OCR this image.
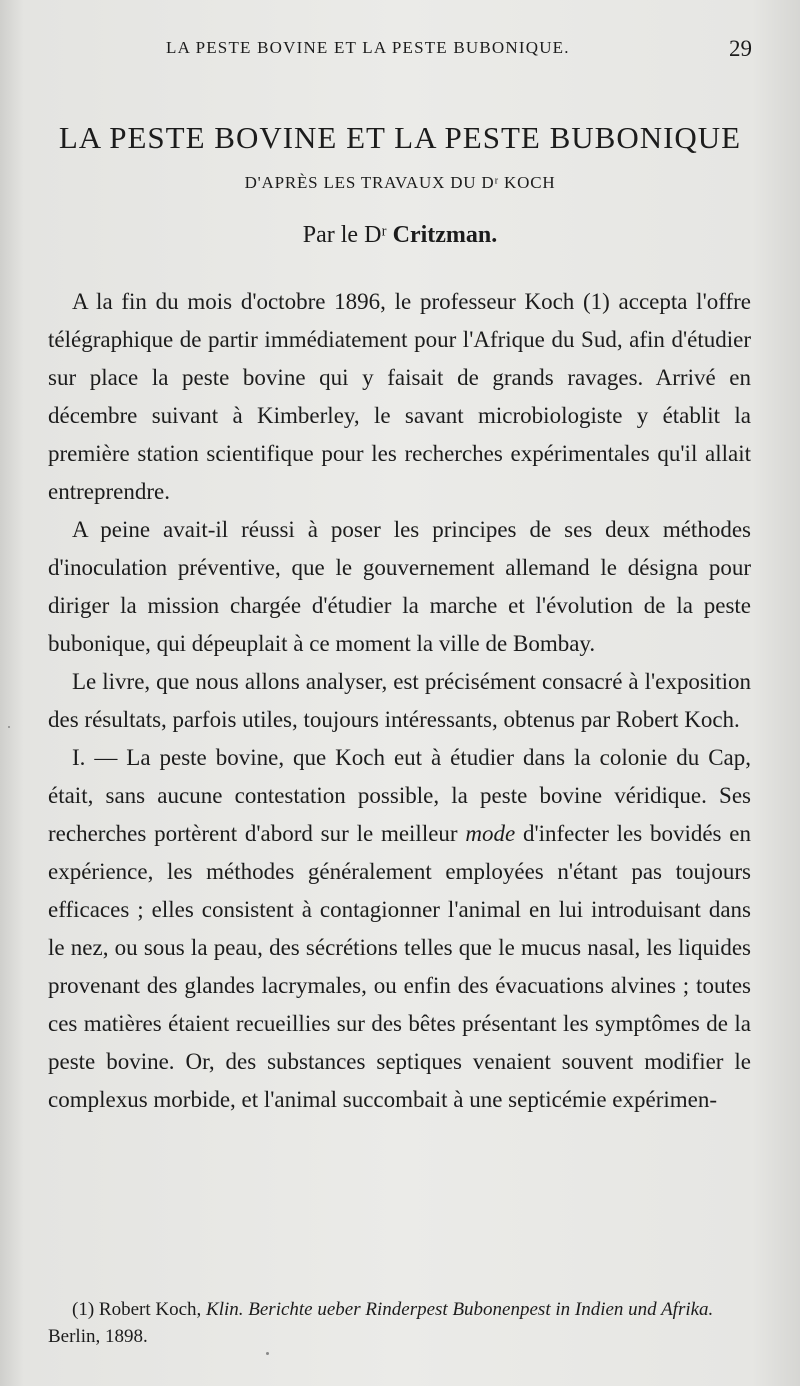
LA PESTE BOVINE ET LA PESTE BUBONIQUE.	29
LA PESTE BOVINE ET LA PESTE BUBONIQUE
D'APRÈS LES TRAVAUX DU Dʳ KOCH
Par le Dʳ Critzman.

A la fin du mois d'octobre 1896, le professeur Koch (1) accepta l'offre télégraphique de partir immédiatement pour l'Afrique du Sud, afin d'étudier sur place la peste bovine qui y faisait de grands ravages. Arrivé en décembre suivant à Kimberley, le savant microbiologiste y établit la première station scientifique pour les recherches expérimentales qu'il allait entreprendre.

A peine avait-il réussi à poser les principes de ses deux méthodes d'inoculation préventive, que le gouvernement allemand le désigna pour diriger la mission chargée d'étudier la marche et l'évolution de la peste bubonique, qui dépeuplait à ce moment la ville de Bombay.

Le livre, que nous allons analyser, est précisément consacré à l'exposition des résultats, parfois utiles, toujours intéressants, obtenus par Robert Koch.

I. — La peste bovine, que Koch eut à étudier dans la colonie du Cap, était, sans aucune contestation possible, la peste bovine véridique. Ses recherches portèrent d'abord sur le meilleur mode d'infecter les bovidés en expérience, les méthodes généralement employées n'étant pas toujours efficaces ; elles consistent à contagionner l'animal en lui introduisant dans le nez, ou sous la peau, des sécrétions telles que le mucus nasal, les liquides provenant des glandes lacrymales, ou enfin des évacuations alvines ; toutes ces matières étaient recueillies sur des bêtes présentant les symptômes de la peste bovine. Or, des substances septiques venaient souvent modifier le complexus morbide, et l'animal succombait à une septicémie expérimen-

(1) Robert Koch, Klin. Berichte ueber Rinderpest Bubonenpest in Indien und Afrika. Berlin, 1898.
